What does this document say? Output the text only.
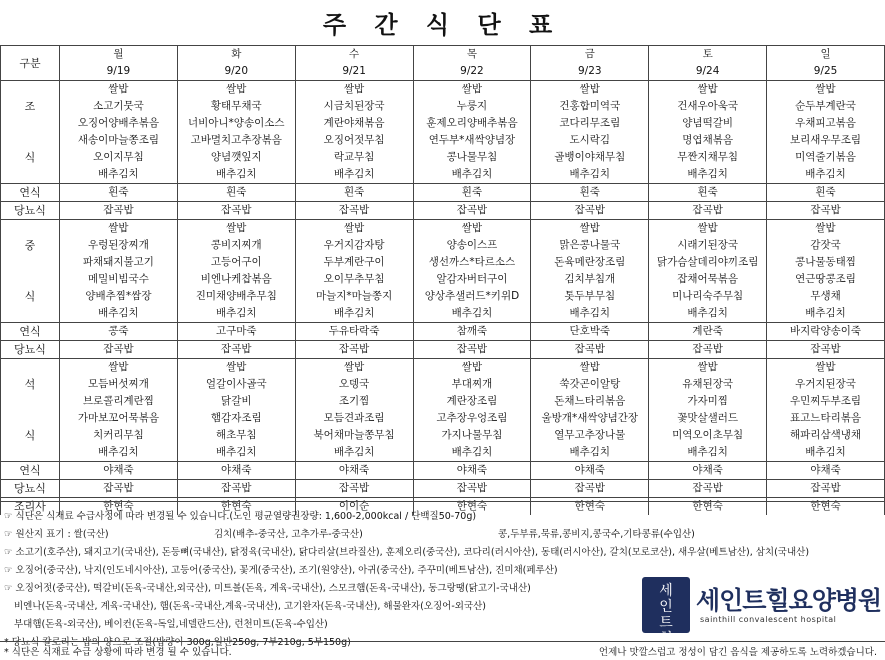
주 간 식 단 표
구분	월	화	수	목	금	토	일
	9/19	9/20	9/21	9/22	9/23	9/24	9/25
	쌀밥	쌀밥	쌀밥	쌀밥	쌀밥	쌀밥	쌀밥
조	소고기뭇국	황태무채국	시금치된장국	누룽지	건홍합미역국	건새우아욱국	순두부계란국
	오징어양배추볶음	너비아니*양송이소스	계란야채볶음	훈제오리양배추볶음	코다리무조림	양념떡갈비	우채피고볶음
	새송이마늘쫑조림	고바멸치고추장볶음	오징어젓무침	연두부*새싹양념장	도시락김	명엽채볶음	보리새우무조림
식	오이지무침	양념깻잎지	락교무침	콩나물무침	골뱅이야채무침	무짠지채무침	미역줄기볶음
	배추김치	배추김치	배추김치	배추김치	배추김치	배추김치	배추김치
연식	흰죽	흰죽	흰죽	흰죽	흰죽	흰죽	흰죽
당뇨식	잡곡밥	잡곡밥	잡곡밥	잡곡밥	잡곡밥	잡곡밥	잡곡밥
	쌀밥	쌀밥	쌀밥	쌀밥	쌀밥	쌀밥	쌀밥
중	우렁된장찌개	콩비지찌개	우거지감자탕	양송이스프	맑은콩나물국	시래기된장국	감잣국
	파채돼지불고기	고등어구이	두부계란구이	생선까스*타르소스	돈육메란장조림	닭가슴살데리야끼조림	콩나물동태찜
	메밀비빔국수	비엔나케찹볶음	오이무추무침	알감자버터구이	김치부침개	잡채어묵볶음	연근땅콩조림
식	양배추찜*쌈장	진미채양배추무침	마늘지*마늘쫑지	양상추샐러드*키위D	톳두부무침	미나리숙주무침	무생채
	배추김치	배추김치	배추김치	배추김치	배추김치	배추김치	배추김치
연식	콩죽	고구마죽	두유타락죽	참깨죽	단호박죽	계란죽	바지락양송이죽
당뇨식	잡곡밥	잡곡밥	잡곡밥	잡곡밥	잡곡밥	잡곡밥	잡곡밥
	쌀밥	쌀밥	쌀밥	쌀밥	쌀밥	쌀밥	쌀밥
석	모듬버섯찌개	얼갈이사골국	오뎅국	부대찌개	쑥갓곤이알탕	유채된장국	우거지된장국
	브로콜리계란찜	닭갈비	조기찜	계란장조림	돈채느타리볶음	가자미찜	우민찌두부조림
	가마보꼬어묵볶음	햄감자조림	모듬견과조림	고추장우엉조림	울방개*새싹양념간장	꽃맛살샐러드	표고느타리볶음
식	치커리무침	해초무침	북어채마늘쫑무침	가지나물무침	열무고추장나물	미역오이초무침	해파리삼색냉채
	배추김치	배추김치	배추김치	배추김치	배추김치	배추김치	배추김치
연식	야채죽	야채죽	야채죽	야채죽	야채죽	야채죽	야채죽
당뇨식	잡곡밥	잡곡밥	잡곡밥	잡곡밥	잡곡밥	잡곡밥	잡곡밥
조리사	한현숙	한현숙	이이순	한현숙	한현숙	한현숙	한현숙
☞ 식단은 식재료 수급사정에 따라 변경될 수 있습니다.(노인 평균열량권장량: 1,600-2,000kcal / 단백질50-70g)
☞ 원산지 표기 : 쌀(국산)	김치(배추-중국산, 고추가루-중국산)	콩,두부류,묵류,콩비지,콩국수,기타콩류(수입산)
☞ 소고기(호주산), 돼지고기(국내산), 돈등뼈(국내산), 닭정육(국내산), 닭다리살(브라질산), 훈제오리(중국산), 코다리(러시아산), 동태(러시아산), 갈치(모로코산), 새우살(베트남산), 삼치(국내산)
☞ 오징어(중국산), 낙지(인도네시아산), 고등어(중국산), 꽃게(중국산), 조기(원양산), 아귀(중국산), 주꾸미(베트남산), 진미채(페루산)
☞ 오징어젓(중국산), 떡갈비(돈육-국내산,외국산), 미트볼(돈육, 계육-국내산), 스모크햄(돈육-국내산), 동그랑땡(닭고기-국내산)
비엔나(돈육-국내산, 계육-국내산), 햄(돈육-국내산,계육-국내산), 고기완자(돈육-국내산), 해물완자(오징어-외국산)
부대햄(돈육-외국산), 베이컨(돈육-독일,네델란드산), 런천미트(돈육-수입산)
* 당뇨식 칼로리는 밥의 양으로 조절(밥량이 300g,일반250g, 7부210g, 5부150g)
세
인
트
힐
세인트힐요양병원
sainthill convalescent hospital
* 식단은 식재료 수급 상황에 따라 변경 될 수 있습니다.	언제나 맛깔스럽고 정성이 담긴 음식을 제공하도록 노력하겠습니다.
